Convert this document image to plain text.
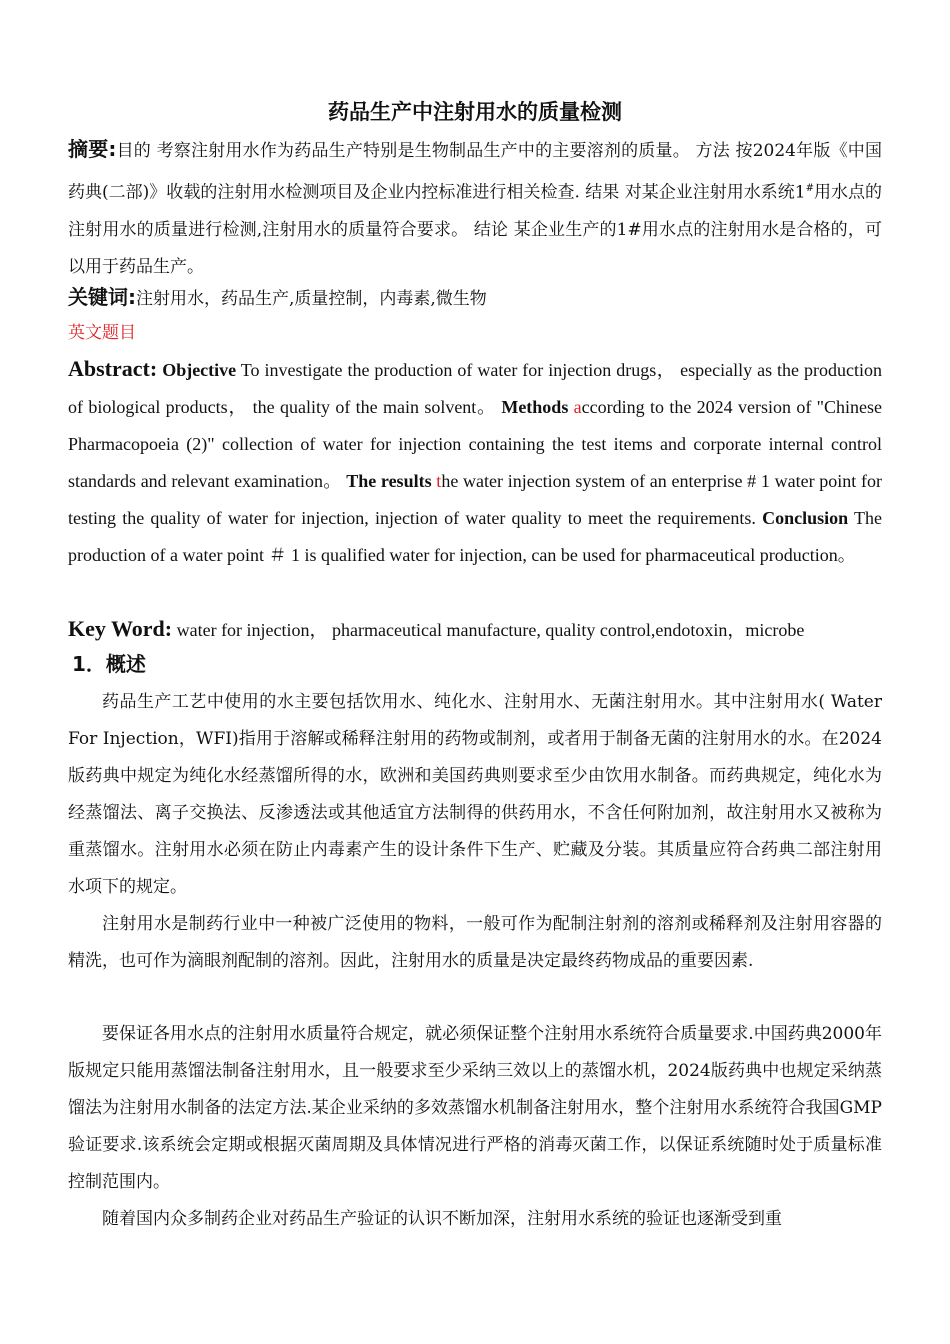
药品生产中注射用水的质量检测
摘要:目的 考察注射用水作为药品生产特别是生物制品生产中的主要溶剂的质量。 方法 按2024年版《中国药典(二部)》收载的注射用水检测项目及企业内控标准进行相关检查. 结果 对某企业注射用水系统1#用水点的注射用水的质量进行检测,注射用水的质量符合要求。 结论 某企业生产的1#用水点的注射用水是合格的，可以用于药品生产。
关键词:注射用水，药品生产,质量控制，内毒素,微生物
英文题目
Abstract: Objective To investigate the production of water for injection drugs， especially as the production of biological products， the quality of the main solvent。 Methods according to the 2024 version of "Chinese Pharmacopoeia (2)" collection of water for injection containing the test items and corporate internal control standards and relevant examination。 The results the water injection system of an enterprise # 1 water point for testing the quality of water for injection, injection of water quality to meet the requirements. Conclusion The production of a water point ＃ 1 is qualified water for injection, can be used for pharmaceutical production。
Key Word: water for injection， pharmaceutical manufacture, quality control,endotoxin，microbe
1．概述
药品生产工艺中使用的水主要包括饮用水、纯化水、注射用水、无菌注射用水。其中注射用水( Water For Injection，WFI)指用于溶解或稀释注射用的药物或制剂，或者用于制备无菌的注射用水的水。在2024版药典中规定为纯化水经蒸馏所得的水，欧洲和美国药典则要求至少由饮用水制备。而药典规定，纯化水为经蒸馏法、离子交换法、反渗透法或其他适宜方法制得的供药用水，不含任何附加剂，故注射用水又被称为重蒸馏水。注射用水必须在防止内毒素产生的设计条件下生产、贮藏及分装。其质量应符合药典二部注射用水项下的规定。
注射用水是制药行业中一种被广泛使用的物料，一般可作为配制注射剂的溶剂或稀释剂及注射用容器的精洗，也可作为滴眼剂配制的溶剂。因此，注射用水的质量是决定最终药物成品的重要因素.
要保证各用水点的注射用水质量符合规定，就必须保证整个注射用水系统符合质量要求.中国药典2000年版规定只能用蒸馏法制备注射用水，且一般要求至少采纳三效以上的蒸馏水机，2024版药典中也规定采纳蒸馏法为注射用水制备的法定方法.某企业采纳的多效蒸馏水机制备注射用水，整个注射用水系统符合我国GMP验证要求.该系统会定期或根据灭菌周期及具体情况进行严格的消毒灭菌工作，以保证系统随时处于质量标准控制范围内。
随着国内众多制药企业对药品生产验证的认识不断加深，注射用水系统的验证也逐渐受到重
